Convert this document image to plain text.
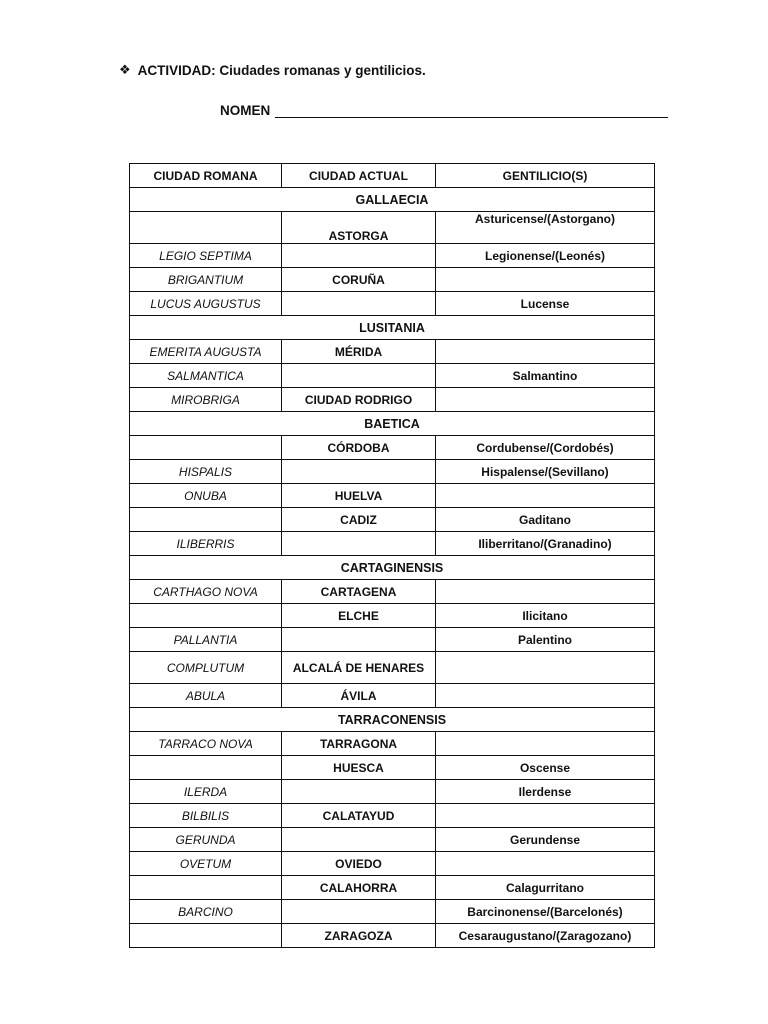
❖ ACTIVIDAD: Ciudades romanas y gentilicios.
NOMEN
CIUDAD ROMANA	CIUDAD ACTUAL	GENTILICIO(S)
GALLAECIA		
	ASTORGA	Asturicense/(Astorgano)
LEGIO SEPTIMA		Legionense/(Leonés)
BRIGANTIUM	CORUÑA	
LUCUS AUGUSTUS		Lucense
LUSITANIA		
EMERITA AUGUSTA	MÉRIDA	
SALMANTICA		Salmantino
MIROBRIGA	CIUDAD RODRIGO	
BAETICA		
	CÓRDOBA	Cordubense/(Cordobés)
HISPALIS		Hispalense/(Sevillano)
ONUBA	HUELVA	
	CADIZ	Gaditano
ILIBERRIS		Iliberritano/(Granadino)
CARTAGINENSIS		
CARTHAGO NOVA	CARTAGENA	
	ELCHE	Ilicitano
PALLANTIA		Palentino
COMPLUTUM	ALCALÁ DE HENARES	
ABULA	ÁVILA	
TARRACONENSIS		
TARRACO NOVA	TARRAGONA	
	HUESCA	Oscense
ILERDA		Ilerdense
BILBILIS	CALATAYUD	
GERUNDA		Gerundense
OVETUM	OVIEDO	
	CALAHORRA	Calagurritano
BARCINO		Barcinonense/(Barcelonés)
	ZARAGOZA	Cesaraugustano/(Zaragozano)
